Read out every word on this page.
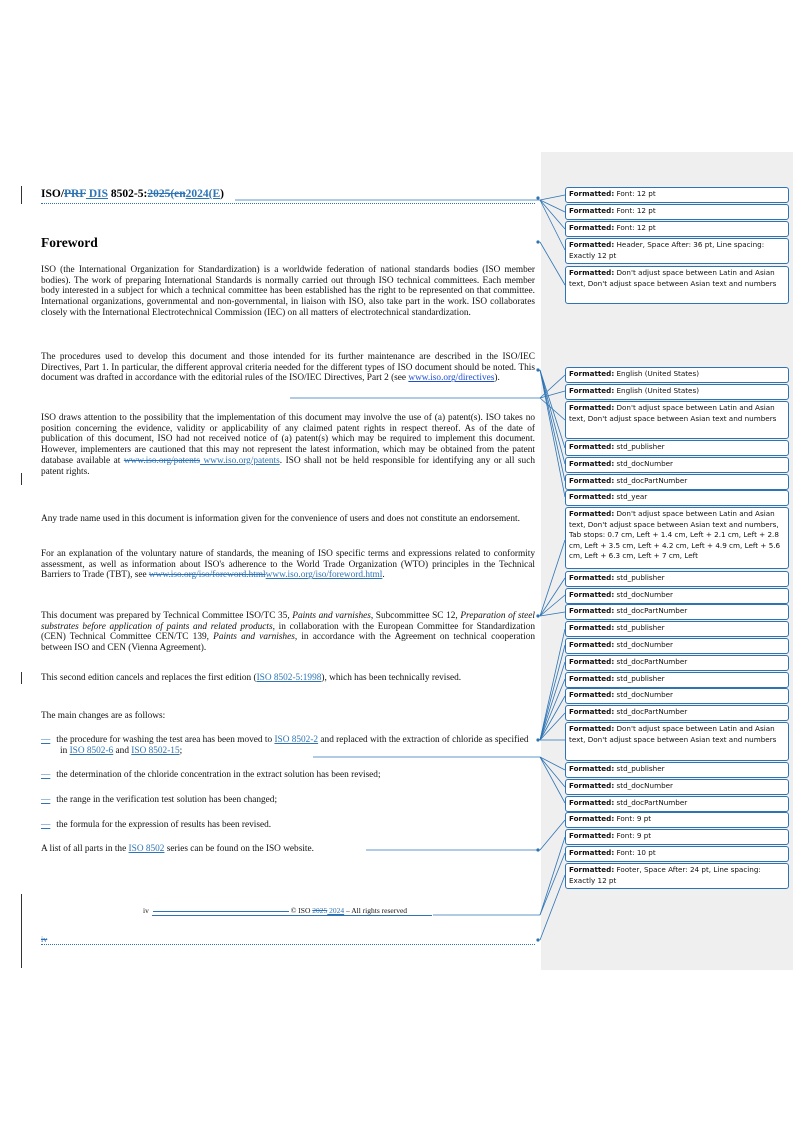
ISO/PRF DIS 8502-5:2025(en2024(E)
Foreword

ISO (the International Organization for Standardization) is a worldwide federation of national standards bodies (ISO member bodies). The work of preparing International Standards is normally carried out through ISO technical committees. Each member body interested in a subject for which a technical committee has been established has the right to be represented on that committee. International organizations, governmental and non-governmental, in liaison with ISO, also take part in the work. ISO collaborates closely with the International Electrotechnical Commission (IEC) on all matters of electrotechnical standardization.

The procedures used to develop this document and those intended for its further maintenance are described in the ISO/IEC Directives, Part 1. In particular, the different approval criteria needed for the different types of ISO document should be noted. This document was drafted in accordance with the editorial rules of the ISO/IEC Directives, Part 2 (see www.iso.org/directives).

ISO draws attention to the possibility that the implementation of this document may involve the use of (a) patent(s). ISO takes no position concerning the evidence, validity or applicability of any claimed patent rights in respect thereof. As of the date of publication of this document, ISO had not received notice of (a) patent(s) which may be required to implement this document. However, implementers are cautioned that this may not represent the latest information, which may be obtained from the patent database available at www.iso.org/patents www.iso.org/patents. ISO shall not be held responsible for identifying any or all such patent rights.

Any trade name used in this document is information given for the convenience of users and does not constitute an endorsement.

For an explanation of the voluntary nature of standards, the meaning of ISO specific terms and expressions related to conformity assessment, as well as information about ISO's adherence to the World Trade Organization (WTO) principles in the Technical Barriers to Trade (TBT), see www.iso.org/iso/foreword.htmlwww.iso.org/iso/foreword.html.

This document was prepared by Technical Committee ISO/TC 35, Paints and varnishes, Subcommittee SC 12, Preparation of steel substrates before application of paints and related products, in collaboration with the European Committee for Standardization (CEN) Technical Committee CEN/TC 139, Paints and varnishes, in accordance with the Agreement on technical cooperation between ISO and CEN (Vienna Agreement).

This second edition cancels and replaces the first edition (ISO 8502-5:1998), which has been technically revised.

The main changes are as follows:

— the procedure for washing the test area has been moved to ISO 8502-2 and replaced with the extraction of chloride as specified in ISO 8502-6 and ISO 8502-15;
— the determination of the chloride concentration in the extract solution has been revised;
— the range in the verification test solution has been changed;
— the formula for the expression of results has been revised.

A list of all parts in the ISO 8502 series can be found on the ISO website.

iv	© ISO 2025 2024 – All rights reserved
iv
Formatted: Font: 12 pt
Formatted: Font: 12 pt
Formatted: Font: 12 pt
Formatted: Header, Space After: 36 pt, Line spacing: Exactly 12 pt
Formatted: Don't adjust space between Latin and Asian text, Don't adjust space between Asian text and numbers
Formatted: English (United States)
Formatted: English (United States)
Formatted: Don't adjust space between Latin and Asian text, Don't adjust space between Asian text and numbers
Formatted: std_publisher
Formatted: std_docNumber
Formatted: std_docPartNumber
Formatted: std_year
Formatted: Don't adjust space between Latin and Asian text, Don't adjust space between Asian text and numbers, Tab stops: 0.7 cm, Left + 1.4 cm, Left + 2.1 cm, Left + 2.8 cm, Left + 3.5 cm, Left + 4.2 cm, Left + 4.9 cm, Left + 5.6 cm, Left + 6.3 cm, Left + 7 cm, Left
Formatted: std_publisher
Formatted: std_docNumber
Formatted: std_docPartNumber
Formatted: std_publisher
Formatted: std_docNumber
Formatted: std_docPartNumber
Formatted: std_publisher
Formatted: std_docNumber
Formatted: std_docPartNumber
Formatted: Don't adjust space between Latin and Asian text, Don't adjust space between Asian text and numbers
Formatted: std_publisher
Formatted: std_docNumber
Formatted: std_docPartNumber
Formatted: Font: 9 pt
Formatted: Font: 9 pt
Formatted: Font: 10 pt
Formatted: Footer, Space After: 24 pt, Line spacing: Exactly 12 pt
